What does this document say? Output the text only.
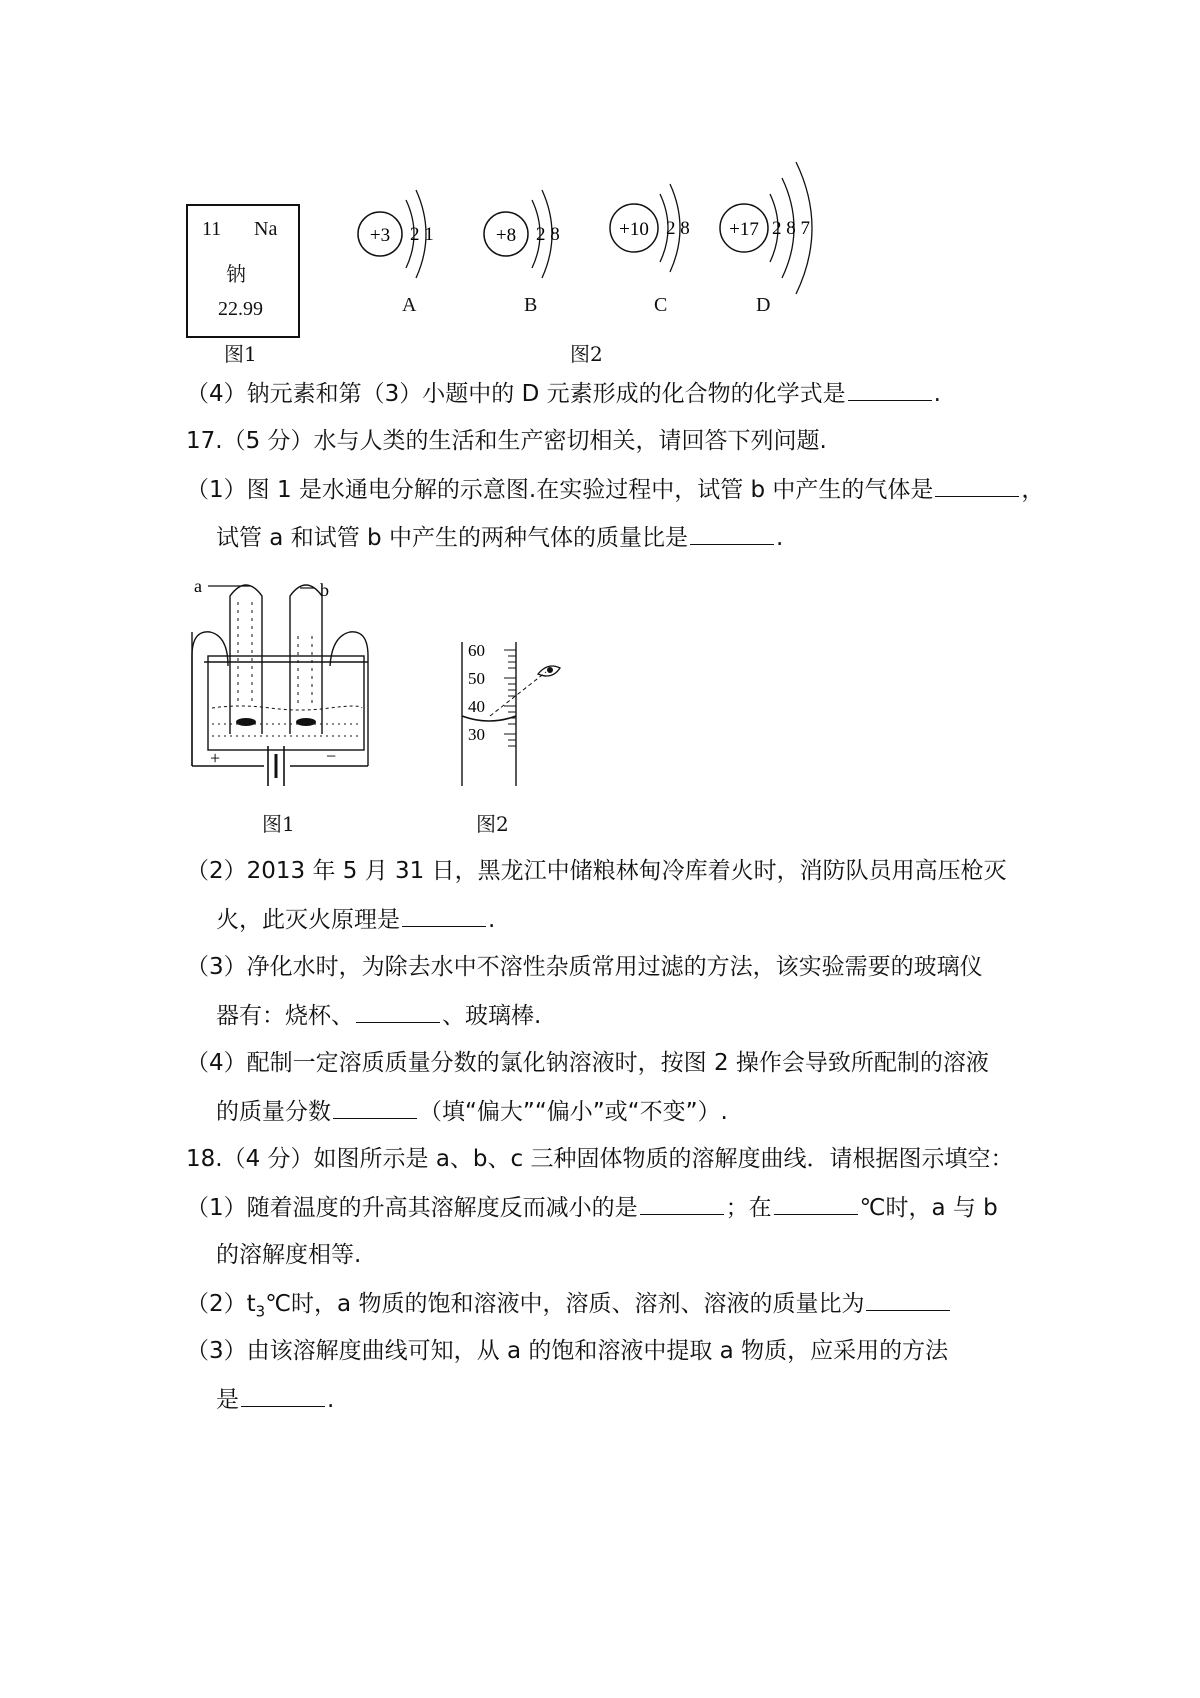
11 Na
钠
22.99
图1
+3 2 1	+8 2 8	+10 2 8 +17 2 8 7
A	B	C	D
图2
（4）钠元素和第（3）小题中的 D 元素形成的化合物的化学式是	.
17.（5 分）水与人类的生活和生产密切相关，请回答下列问题.
（1）图 1 是水通电分解的示意图.在实验过程中，试管 b 中产生的气体是	，
试管 a 和试管 b 中产生的两种气体的质量比是	.
a	b
+	−
图1
60
50
40
30
图2
（2）2013 年 5 月 31 日，黑龙江中储粮林甸冷库着火时，消防队员用高压枪灭
火，此灭火原理是	.
（3）净化水时，为除去水中不溶性杂质常用过滤的方法，该实验需要的玻璃仪
器有：烧杯、	、玻璃棒.
（4）配制一定溶质质量分数的氯化钠溶液时，按图 2 操作会导致所配制的溶液
的质量分数	（填“偏大”“偏小”或“不变”）.
18.（4 分）如图所示是 a、b、c 三种固体物质的溶解度曲线．请根据图示填空：
（1）随着温度的升高其溶解度反而减小的是	；在	℃时，a 与 b
的溶解度相等.
$(2)t_3℃$时，a 物质的饱和溶液中，溶质、溶剂、溶液的质量比为
（3）由该溶解度曲线可知，从 a 的饱和溶液中提取 a 物质，应采用的方法
是	.
